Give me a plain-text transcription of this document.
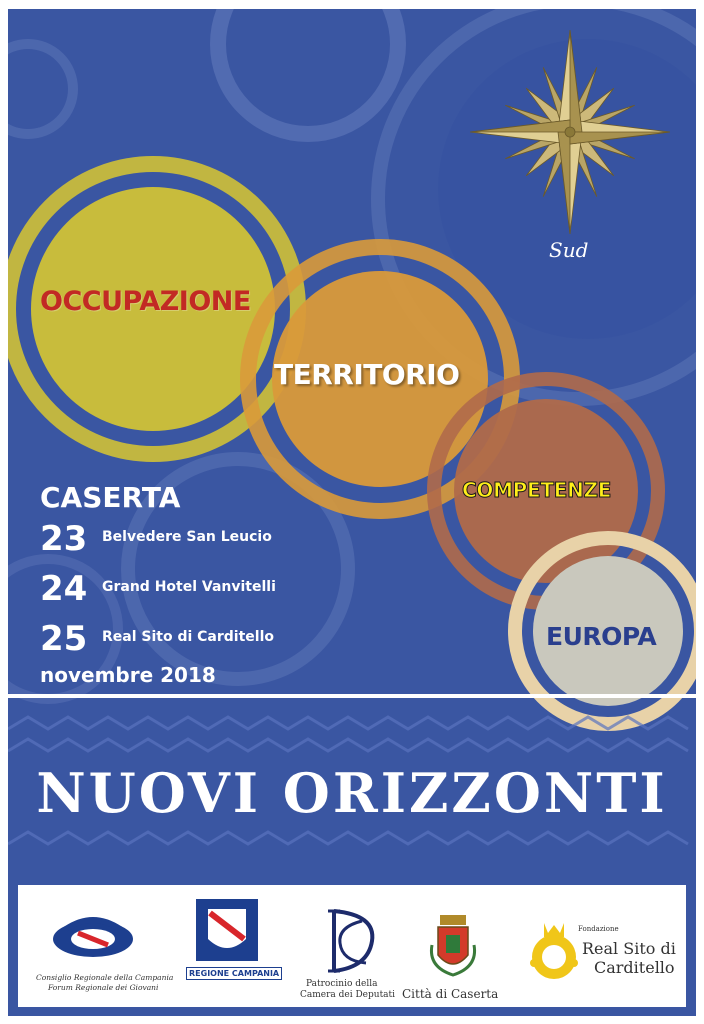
Sud
OCCUPAZIONE
TERRITORIO
COMPETENZE
EUROPA
CASERTA
23 Belvedere San Leucio
24 Grand Hotel Vanvitelli
25 Real Sito di Carditello
novembre 2018
NUOVI ORIZZONTI
Consiglio Regionale della Campania
Forum Regionale dei Giovani
REGIONE CAMPANIA
Patrocinio della
Camera dei Deputati Città di Caserta
Fondazione
Real Sito di
Carditello
